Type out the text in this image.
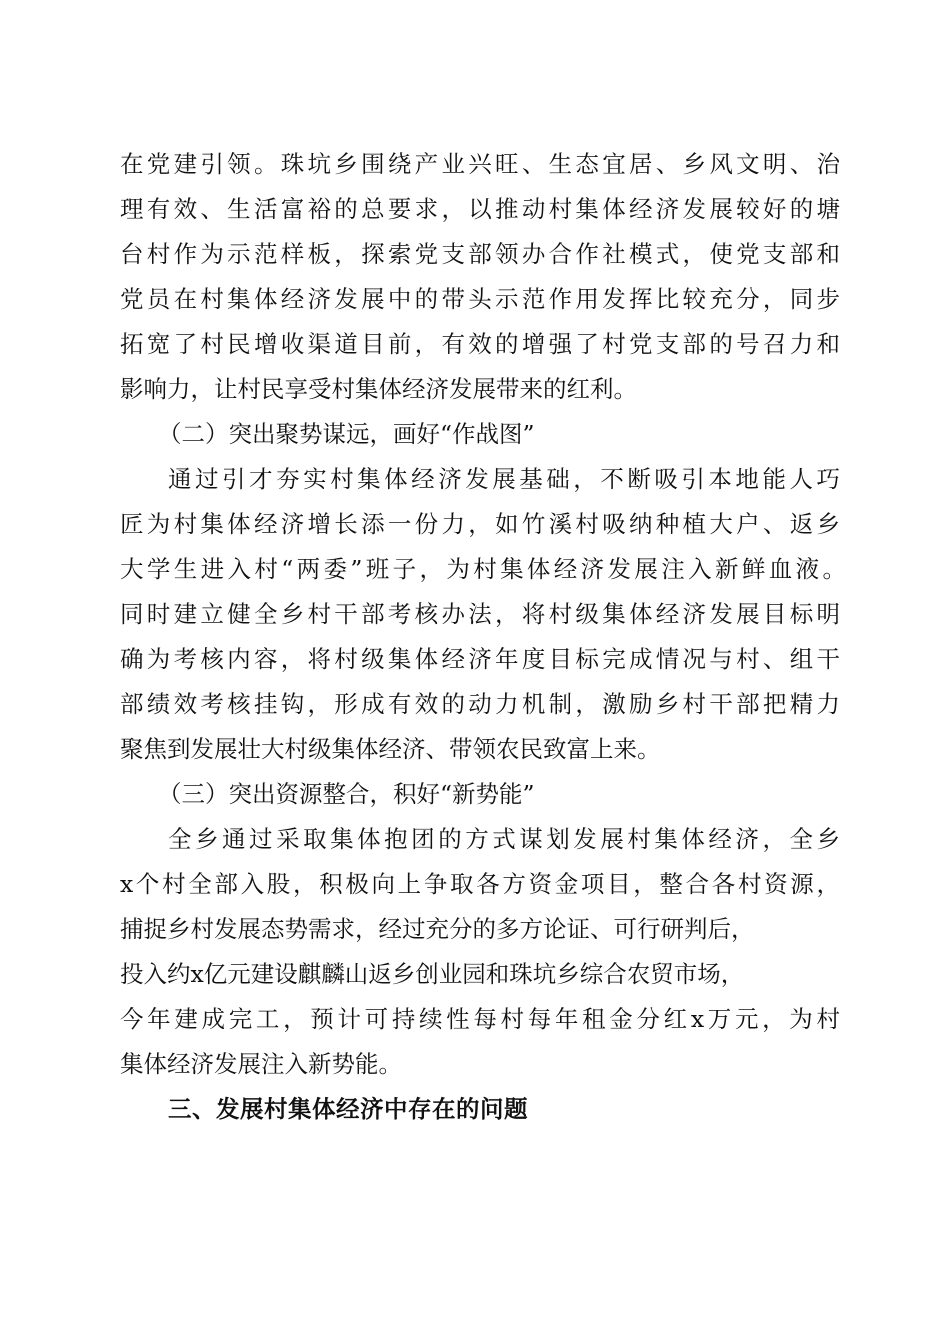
在党建引领。珠坑乡围绕产业兴旺、生态宜居、乡风文明、治
理有效、生活富裕的总要求，以推动村集体经济发展较好的塘
台村作为示范样板，探索党支部领办合作社模式，使党支部和
党员在村集体经济发展中的带头示范作用发挥比较充分，同步
拓宽了村民增收渠道目前，有效的增强了村党支部的号召力和
影响力，让村民享受村集体经济发展带来的红利。
（二）突出聚势谋远，画好“作战图”
通过引才夯实村集体经济发展基础，不断吸引本地能人巧
匠为村集体经济增长添一份力，如竹溪村吸纳种植大户、返乡
大学生进入村“两委”班子，为村集体经济发展注入新鲜血液。
同时建立健全乡村干部考核办法，将村级集体经济发展目标明
确为考核内容，将村级集体经济年度目标完成情况与村、组干
部绩效考核挂钩，形成有效的动力机制，激励乡村干部把精力
聚焦到发展壮大村级集体经济、带领农民致富上来。
（三）突出资源整合，积好“新势能”
全乡通过采取集体抱团的方式谋划发展村集体经济，全乡
x个村全部入股，积极向上争取各方资金项目，整合各村资源，
捕捉乡村发展态势需求，经过充分的多方论证、可行研判后，
投入约x亿元建设麒麟山返乡创业园和珠坑乡综合农贸市场，
今年建成完工，预计可持续性每村每年租金分红x万元，为村
集体经济发展注入新势能。
三、发展村集体经济中存在的问题
